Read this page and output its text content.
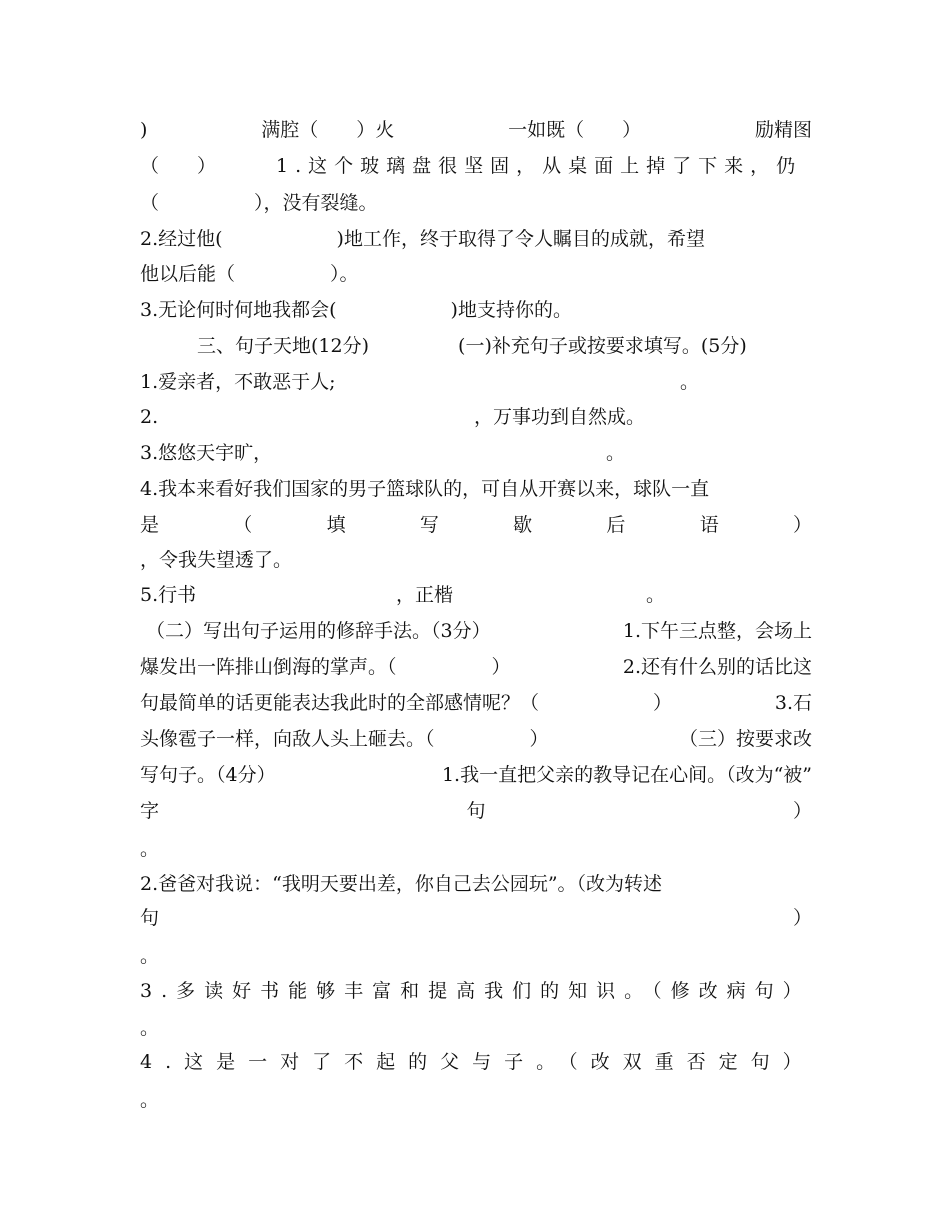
)	满腔（　　）火	一如既（　　）	励精图
（　　）	1.这个玻璃盘很坚固，从桌面上掉了下来，仍
（　　　　　），没有裂缝。
2.经过他(　　　　　　)地工作，终于取得了令人瞩目的成就，希望
他以后能（　　　　　）。
3.无论何时何地我都会(　　　　　　)地支持你的。
　　　三、句子天地(12分)	(一)补充句子或按要求填写。(5分)
1.爱亲者，不敢恶于人;	。
2.	，万事功到自然成。
3.悠悠天宇旷，	。
4.我本来看好我们国家的男子篮球队的，可自从开赛以来，球队一直
是	（	填	写	歇	后	语	）
，令我失望透了。
5.行书	，正楷	。
（二）写出句子运用的修辞手法。（3分）	1.下午三点整，会场上
爆发出一阵排山倒海的掌声。（　　　　　）	2.还有什么别的话比这
句最简单的话更能表达我此时的全部感情呢？（　　　　　　）	3.石
头像雹子一样，向敌人头上砸去。（　　　　　）	（三）按要求改
写句子。（4分）	1.我一直把父亲的教导记在心间。（改为“被”
字	句	）
。
2.爸爸对我说：“我明天要出差，你自己去公园玩”。（改为转述
句	）
。
3.多读好书能够丰富和提高我们的知识。（修改病句）
。
4.这是一对了不起的父与子。（改双重否定句）
。
